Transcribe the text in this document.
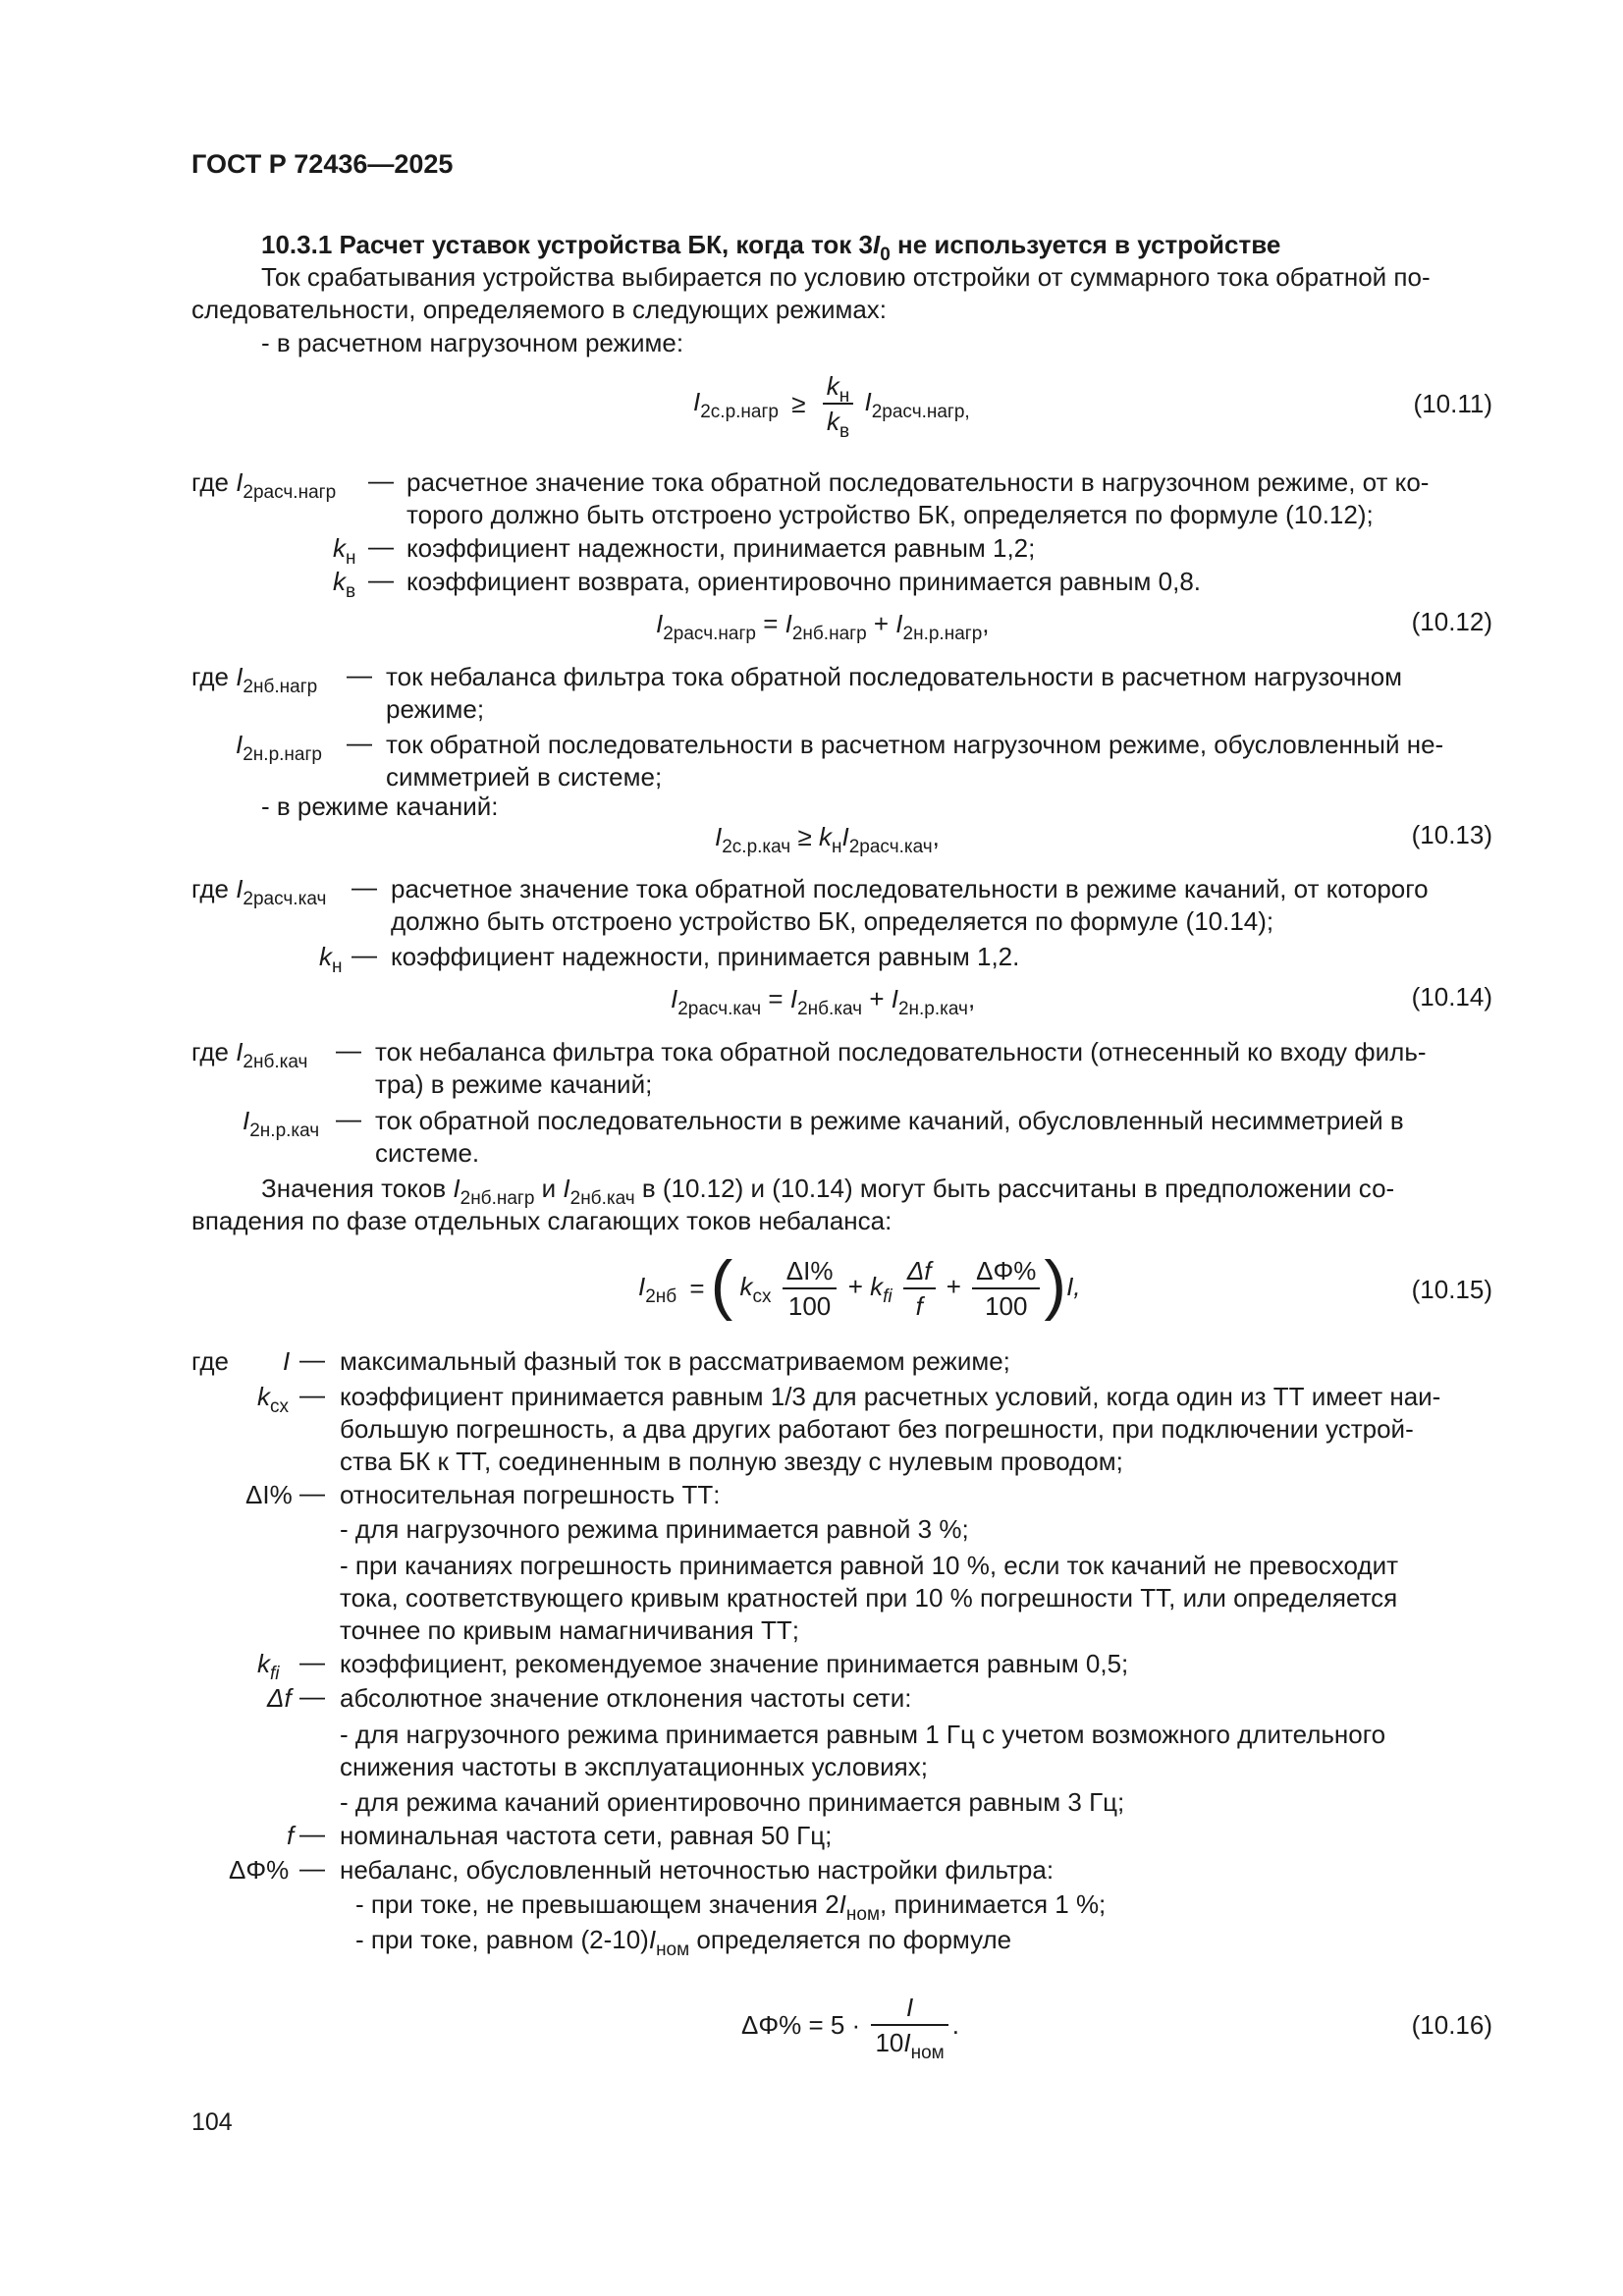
ГОСТ Р 72436—2025
10.3.1 Расчет уставок устройства БК, когда ток $3I_0$ не используется в устройстве
Ток срабатывания устройства выбирается по условию отстройки от суммарного тока обратной по-
следовательности, определяемого в следующих режимах:
- в расчетном нагрузочном режиме:
$I_{2с.р.нагр} \ge \frac{k_н}{k_в} I_{2расч.нагр,}$	(10.11)
где $I_{2расч.нагр}$ — расчетное значение тока обратной последовательности в нагрузочном режиме, от ко-
торого должно быть отстроено устройство БК, определяется по формуле (10.12);
$k_н$ — коэффициент надежности, принимается равным 1,2;
$k_в$ — коэффициент возврата, ориентировочно принимается равным 0,8.
$I_{2расч.нагр} = I_{2нб.нагр} + I_{2н.р.нагр}$,	(10.12)
где $I_{2нб.нагр}$ — ток небаланса фильтра тока обратной последовательности в расчетном нагрузочном
режиме;
$I_{2н.р.нагр}$ — ток обратной последовательности в расчетном нагрузочном режиме, обусловленный не-
симметрией в системе;
- в режиме качаний:
$I_{2с.р.кач} \ge k_нI_{2расч.кач}$,	(10.13)
где $I_{2расч.кач}$ — расчетное значение тока обратной последовательности в режиме качаний, от которого
должно быть отстроено устройство БК, определяется по формуле (10.14);
$k_н$ — коэффициент надежности, принимается равным 1,2.
$I_{2расч.кач} = I_{2нб.кач} + I_{2н.р.кач}$,	(10.14)
где $I_{2нб.кач}$ — ток небаланса фильтра тока обратной последовательности (отнесенный ко входу филь-
тра) в режиме качаний;
$I_{2н.р.кач}$ — ток обратной последовательности в режиме качаний, обусловленный несимметрией в
системе.
Значения токов $I_{2нб.нагр}$ и $I_{2нб.кач}$ в (10.12) и (10.14) могут быть рассчитаны в предположении со-
впадения по фазе отдельных слагающих токов небаланса:
$I_{2нб}$ =( $k_{сх} \frac{\Delta I\%}{100} + k_{fi} \frac{\Delta f}{f} + \frac{\Delta\Phi\%}{100} )I$,	(10.15)
где I — максимальный фазный ток в рассматриваемом режиме;
$k_{сх}$ — коэффициент принимается равным 1/3 для расчетных условий, когда один из ТТ имеет наи-
большую погрешность, а два других работают без погрешности, при подключении устрой-
ства БК к ТТ, соединенным в полную звезду с нулевым проводом;
ΔI% — относительная погрешность ТТ:
- для нагрузочного режима принимается равной 3 %;
- при качаниях погрешность принимается равной 10 %, если ток качаний не превосходит
тока, соответствующего кривым кратностей при 10 % погрешности ТТ, или определяется
точнее по кривым намагничивания ТТ;
$k_{fi}$ — коэффициент, рекомендуемое значение принимается равным 0,5;
Δf — абсолютное значение отклонения частоты сети:
- для нагрузочного режима принимается равным 1 Гц с учетом возможного длительного
снижения частоты в эксплуатационных условиях;
- для режима качаний ориентировочно принимается равным 3 Гц;
f — номинальная частота сети, равная 50 Гц;
ΔΦ% — небаланс, обусловленный неточностью настройки фильтра:
- при токе, не превышающем значения $2I_{ном}$, принимается 1 %;
- при токе, равном $(2-10)I_{ном}$ определяется по формуле
$\Delta\Phi\% = 5 \cdot \frac{I}{10I_{ном}}$ .	(10.16)
104
